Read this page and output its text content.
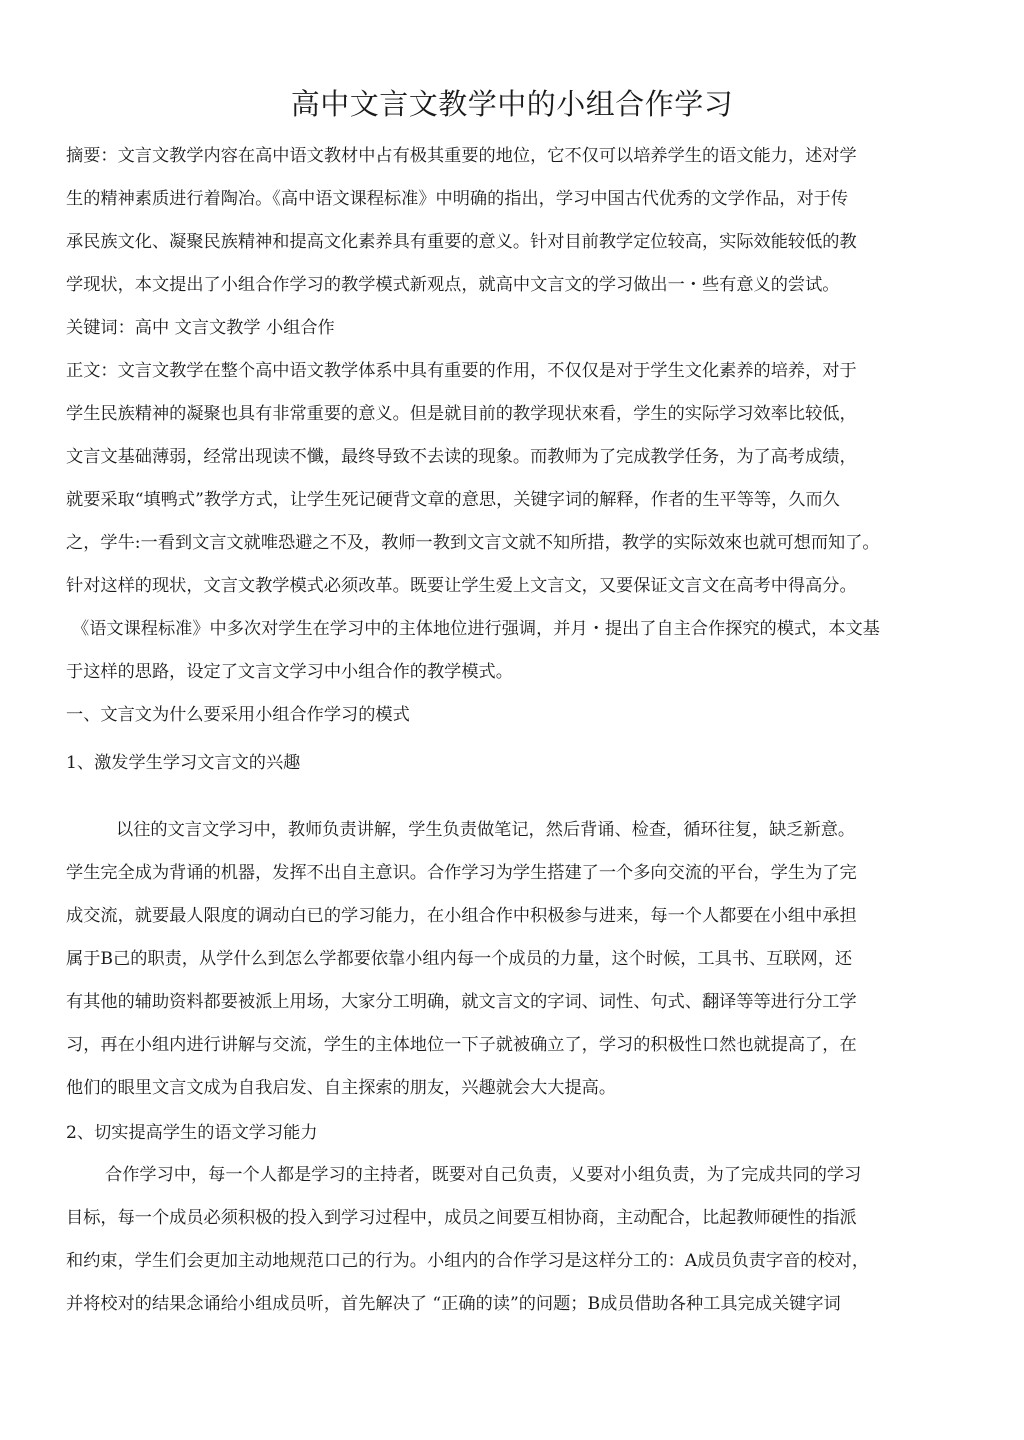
高中文言文教学中的小组合作学习
摘要：文言文教学内容在高中语文教材中占有极其重要的地位，它不仅可以培养学生的语文能力，述对学
生的精神素质进行着陶冶。《高中语文课程标准》中明确的指出，学习中国古代优秀的文学作品，对于传
承民族文化、凝聚民族精神和提高文化素养具有重要的意义。针对目前教学定位较高，实际效能较低的教
学现状，本文提出了小组合作学习的教学模式新观点，就高中文言文的学习做出一・些有意义的尝试。
关键词：高中 文言文教学 小组合作
正文：文言文教学在整个高中语文教学体系中具有重要的作用，不仅仅是对于学生文化素养的培养，对于
学生民族精神的凝聚也具有非常重要的意义。但是就目前的教学现状來看，学生的实际学习效率比较低，
文言文基础薄弱，经常出现读不懺，最终导致不去读的现象。而教师为了完成教学任务，为了高考成绩，
就要采取“填鸭式”教学方式，让学生死记硬背文章的意思，关键字词的解释，作者的生平等等，久而久
之，学牛:一看到文言文就唯恐避之不及，教师一教到文言文就不知所措，教学的实际效來也就可想而知了。
针对这样的现状，文言文教学模式必须改革。既要让学生爱上文言文，又要保证文言文在高考中得高分。
《语文课程标准》中多次对学生在学习中的主体地位进行强调，并月・提出了自主合作探究的模式，本文基
于这样的思路，设定了文言文学习中小组合作的教学模式。
一、文言文为什么要采用小组合作学习的模式
1、激发学生学习文言文的兴趣
以往的文言文学习中，教师负责讲解，学生负责做笔记，然后背诵、检查，循环往复，缺乏新意。
学生完全成为背诵的机器，发挥不出自主意识。合作学习为学生搭建了一个多向交流的平台，学生为了完
成交流，就要最人限度的调动白已的学习能力，在小组合作中积极参与进来，每一个人都要在小组中承担
属于B己的职责，从学什么到怎么学都要依靠小组内每一个成员的力量，这个时候，工具书、互联网，还
有其他的辅助资料都要被派上用场，大家分工明确，就文言文的字词、词性、句式、翻译等等进行分工学
习，再在小组内进行讲解与交流，学生的主体地位一下子就被确立了，学习的积极性口然也就提高了，在
他们的眼里文言文成为自我启发、自主探索的朋友，兴趣就会大大提高。
2、切实提高学生的语文学习能力
合作学习中，每一个人都是学习的主持者，既要对自己负责，乂要对小组负责，为了完成共同的学习
目标，每一个成员必须积极的投入到学习过程中，成员之间要互相协商，主动配合，比起教师硬性的指派
和约束，学生们会更加主动地规范口己的行为。小组内的合作学习是这样分工的：A成员负责字音的校对，
并将校对的结果念诵给小组成员听，首先解决了 “正确的读”的问题；B成员借助各种工具完成关键字词
